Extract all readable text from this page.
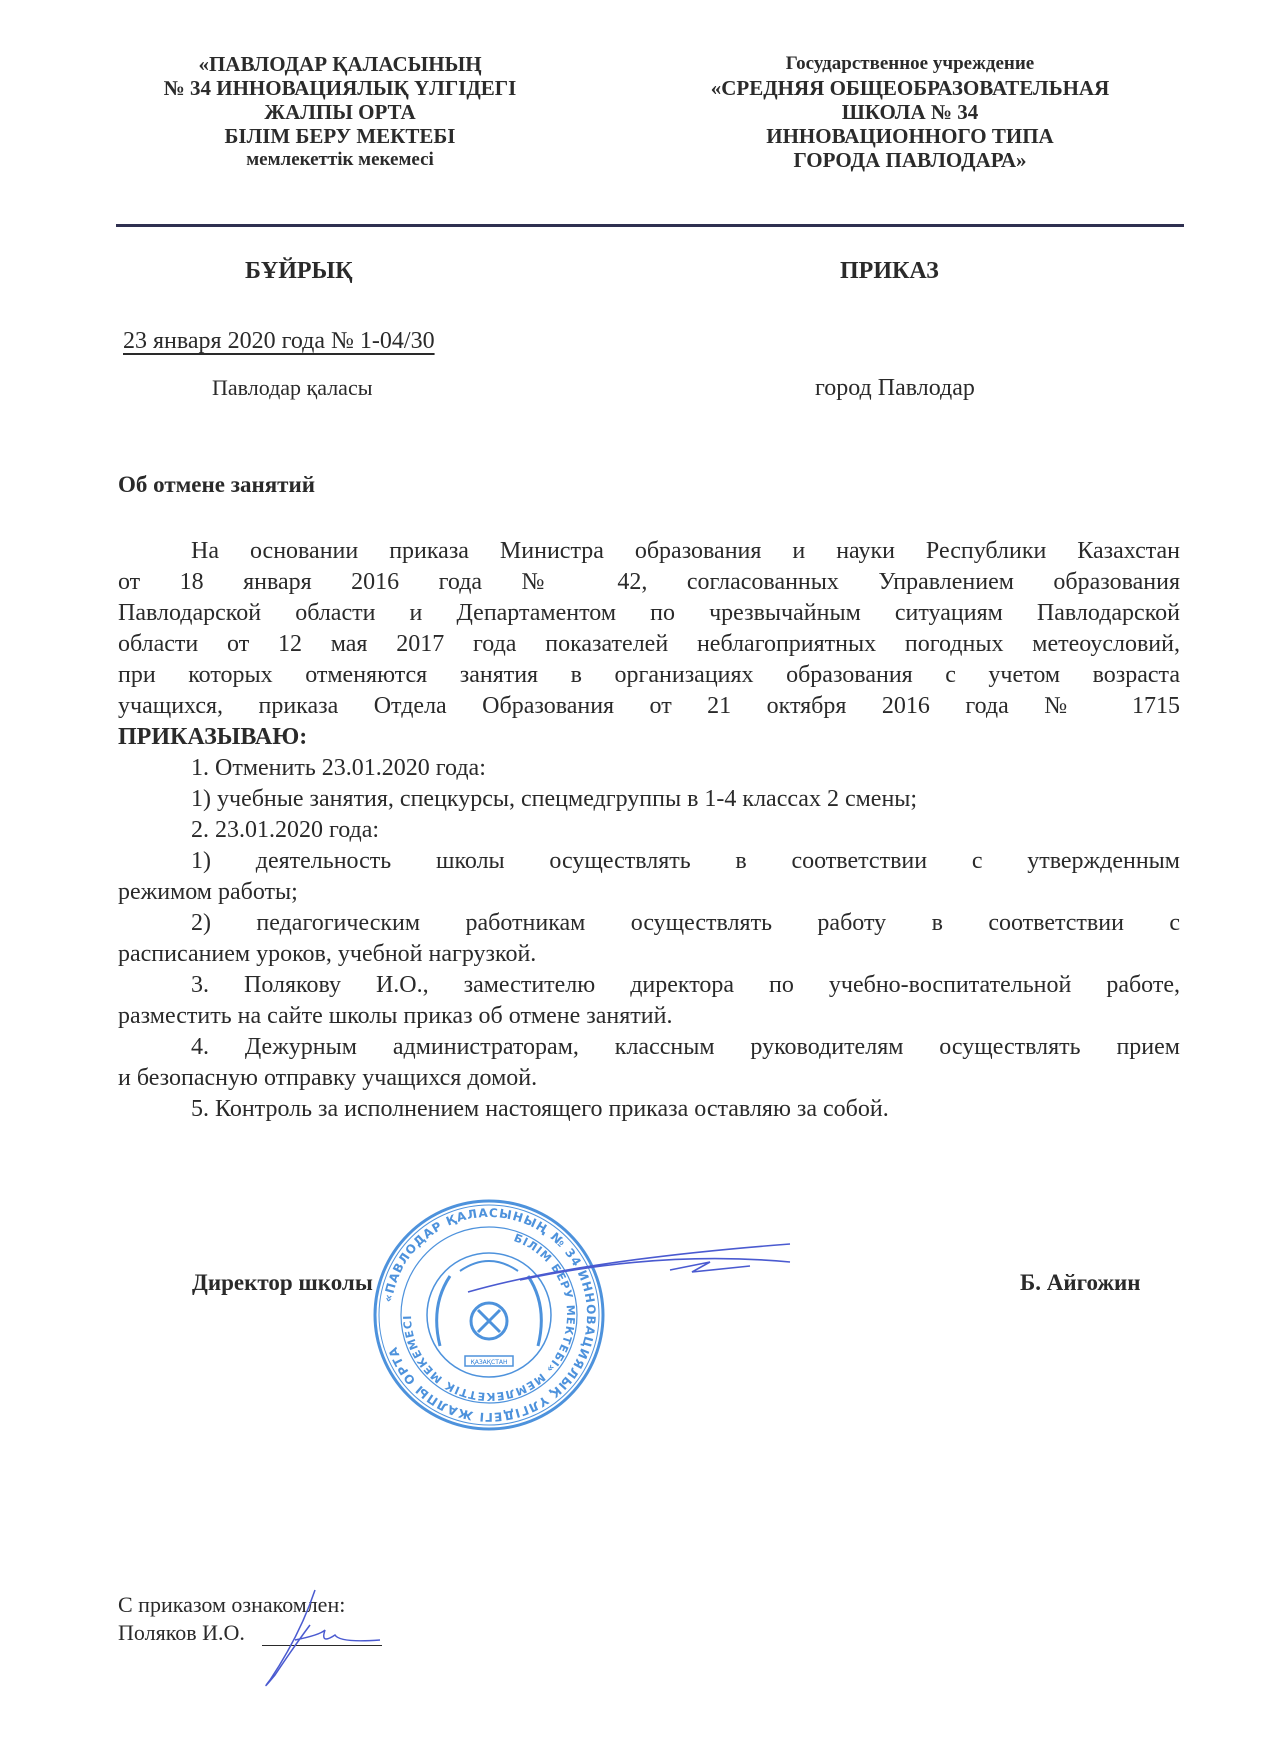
«ПАВЛОДАР ҚАЛАСЫНЫҢ
№ 34 ИННОВАЦИЯЛЫҚ ҮЛГІДЕГІ
ЖАЛПЫ ОРТА
БІЛІМ БЕРУ МЕКТЕБІ
мемлекеттік мекемесі
Государственное учреждение
«СРЕДНЯЯ ОБЩЕОБРАЗОВАТЕЛЬНАЯ
ШКОЛА № 34
ИННОВАЦИОННОГО ТИПА
ГОРОДА ПАВЛОДАРА»
БҰЙРЫҚ	ПРИКАЗ
23 января 2020 года № 1-04/30
Павлодар қаласы	город Павлодар
Об отмене занятий
На основании приказа Министра образования и науки Республики Казахстан
от 18 января 2016 года № 42, согласованных Управлением образования
Павлодарской области и Департаментом по чрезвычайным ситуациям Павлодарской
области от 12 мая 2017 года показателей неблагоприятных погодных метеоусловий,
при которых отменяются занятия в организациях образования с учетом возраста
учащихся, приказа Отдела Образования от 21 октября 2016 года № 1715
ПРИКАЗЫВАЮ:
1. Отменить 23.01.2020 года:
1) учебные занятия, спецкурсы, спецмедгруппы в 1-4 классах 2 смены;
2. 23.01.2020 года:
1) деятельность школы осуществлять в соответствии с утвержденным
режимом работы;
2) педагогическим работникам осуществлять работу в соответствии с
расписанием уроков, учебной нагрузкой.
3. Полякову И.О., заместителю директора по учебно-воспитательной работе,
разместить на сайте школы приказ об отмене занятий.
4. Дежурным администраторам, классным руководителям осуществлять прием
и безопасную отправку учащихся домой.
5. Контроль за исполнением настоящего приказа оставляю за собой.
«ПАВЛОДАР ҚАЛАСЫНЫҢ № 34 ИННОВАЦИЯЛЫҚ ҮЛГІДЕГІ ЖАЛПЫ ОРТА
БІЛІМ БЕРУ МЕКТЕБІ» МЕМЛЕКЕТТІК МЕКЕМЕСІ
ҚАЗАҚСТАН
Директор школы	Б. Айгожин
С приказом ознакомлен:
Поляков И.О.
